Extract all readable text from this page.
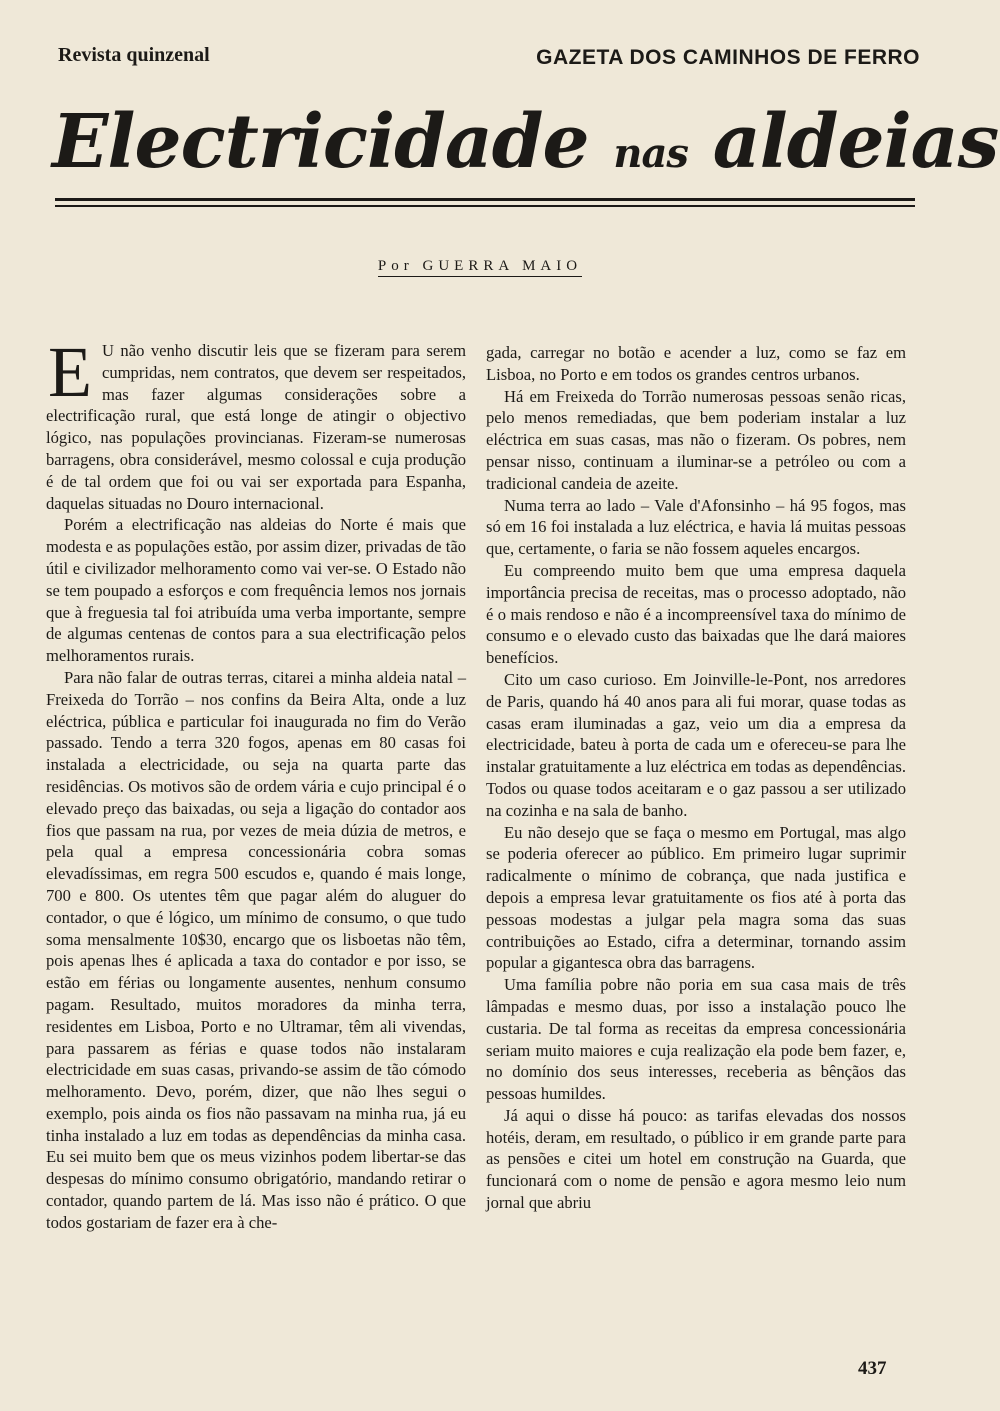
Revista quinzenal	GAZETA DOS CAMINHOS DE FERRO
Electricidade nas aldeias
Por GUERRA MAIO

E U não venho discutir leis que se fizeram para serem cumpridas, nem contratos, que devem ser respeitados, mas fazer algumas considerações sobre a electrificação rural, que está longe de atingir o objectivo lógico, nas populações provincianas. Fizeram-se numerosas barragens, obra considerável, mesmo colossal e cuja produção é de tal ordem que foi ou vai ser exportada para Espanha, daquelas situadas no Douro internacional.

Porém a electrificação nas aldeias do Norte é mais que modesta e as populações estão, por assim dizer, privadas de tão útil e civilizador melhoramento como vai ver-se. O Estado não se tem poupado a esforços e com frequência lemos nos jornais que à freguesia tal foi atribuída uma verba importante, sempre de algumas centenas de contos para a sua electrificação pelos melhoramentos rurais.

Para não falar de outras terras, citarei a minha aldeia natal – Freixeda do Torrão – nos confins da Beira Alta, onde a luz eléctrica, pública e particular foi inaugurada no fim do Verão passado. Tendo a terra 320 fogos, apenas em 80 casas foi instalada a electricidade, ou seja na quarta parte das residências. Os motivos são de ordem vária e cujo principal é o elevado preço das baixadas, ou seja a ligação do contador aos fios que passam na rua, por vezes de meia dúzia de metros, e pela qual a empresa concessionária cobra somas elevadíssimas, em regra 500 escudos e, quando é mais longe, 700 e 800. Os utentes têm que pagar além do aluguer do contador, o que é lógico, um mínimo de consumo, o que tudo soma mensalmente 10$30, encargo que os lisboetas não têm, pois apenas lhes é aplicada a taxa do contador e por isso, se estão em férias ou longamente ausentes, nenhum consumo pagam. Resultado, muitos moradores da minha terra, residentes em Lisboa, Porto e no Ultramar, têm ali vivendas, para passarem as férias e quase todos não instalaram electricidade em suas casas, privando-se assim de tão cómodo melhoramento. Devo, porém, dizer, que não lhes segui o exemplo, pois ainda os fios não passavam na minha rua, já eu tinha instalado a luz em todas as dependências da minha casa. Eu sei muito bem que os meus vizinhos podem libertar-se das despesas do mínimo consumo obrigatório, mandando retirar o contador, quando partem de lá. Mas isso não é prático. O que todos gostariam de fazer era à che-

gada, carregar no botão e acender a luz, como se faz em Lisboa, no Porto e em todos os grandes centros urbanos.

Há em Freixeda do Torrão numerosas pessoas senão ricas, pelo menos remediadas, que bem poderiam instalar a luz eléctrica em suas casas, mas não o fizeram. Os pobres, nem pensar nisso, continuam a iluminar-se a petróleo ou com a tradicional candeia de azeite.

Numa terra ao lado – Vale d'Afonsinho – há 95 fogos, mas só em 16 foi instalada a luz eléctrica, e havia lá muitas pessoas que, certamente, o faria se não fossem aqueles encargos.

Eu compreendo muito bem que uma empresa daquela importância precisa de receitas, mas o processo adoptado, não é o mais rendoso e não é a incompreensível taxa do mínimo de consumo e o elevado custo das baixadas que lhe dará maiores benefícios.

Cito um caso curioso. Em Joinville-le-Pont, nos arredores de Paris, quando há 40 anos para ali fui morar, quase todas as casas eram iluminadas a gaz, veio um dia a empresa da electricidade, bateu à porta de cada um e ofereceu-se para lhe instalar gratuitamente a luz eléctrica em todas as dependências. Todos ou quase todos aceitaram e o gaz passou a ser utilizado na cozinha e na sala de banho.

Eu não desejo que se faça o mesmo em Portugal, mas algo se poderia oferecer ao público. Em primeiro lugar suprimir radicalmente o mínimo de cobrança, que nada justifica e depois a empresa levar gratuitamente os fios até à porta das pessoas modestas a julgar pela magra soma das suas contribuições ao Estado, cifra a determinar, tornando assim popular a gigantesca obra das barragens.

Uma família pobre não poria em sua casa mais de três lâmpadas e mesmo duas, por isso a instalação pouco lhe custaria. De tal forma as receitas da empresa concessionária seriam muito maiores e cuja realização ela pode bem fazer, e, no domínio dos seus interesses, receberia as bênçãos das pessoas humildes.

Já aqui o disse há pouco: as tarifas elevadas dos nossos hotéis, deram, em resultado, o público ir em grande parte para as pensões e citei um hotel em construção na Guarda, que funcionará com o nome de pensão e agora mesmo leio num jornal que abriu

437
